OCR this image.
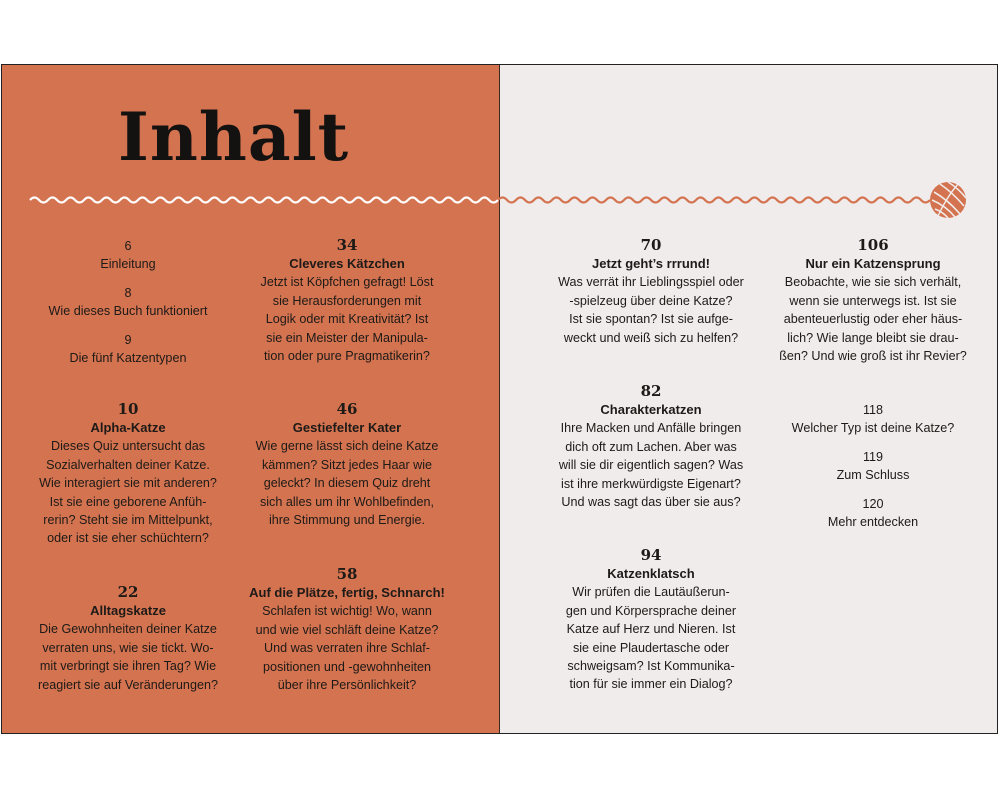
Inhalt
6
Einleitung
8
Wie dieses Buch funktioniert
9
Die fünf Katzentypen
10
Alpha-Katze
Dieses Quiz untersucht das
Sozialverhalten deiner Katze.
Wie interagiert sie mit anderen?
Ist sie eine geborene Anfüh-
rerin? Steht sie im Mittelpunkt,
oder ist sie eher schüchtern?
22
Alltagskatze
Die Gewohnheiten deiner Katze
verraten uns, wie sie tickt. Wo-
mit verbringt sie ihren Tag? Wie
reagiert sie auf Veränderungen?
34
Cleveres Kätzchen
Jetzt ist Köpfchen gefragt! Löst
sie Herausforderungen mit
Logik oder mit Kreativität? Ist
sie ein Meister der Manipula-
tion oder pure Pragmatikerin?
46
Gestiefelter Kater
Wie gerne lässt sich deine Katze
kämmen? Sitzt jedes Haar wie
geleckt? In diesem Quiz dreht
sich alles um ihr Wohlbefinden,
ihre Stimmung und Energie.
58
Auf die Plätze, fertig, Schnarch!
Schlafen ist wichtig! Wo, wann
und wie viel schläft deine Katze?
Und was verraten ihre Schlaf-
positionen und -gewohnheiten
über ihre Persönlichkeit?
70
Jetzt geht’s rrrund!
Was verrät ihr Lieblingsspiel oder
-spielzeug über deine Katze?
Ist sie spontan? Ist sie aufge-
weckt und weiß sich zu helfen?
82
Charakterkatzen
Ihre Macken und Anfälle bringen
dich oft zum Lachen. Aber was
will sie dir eigentlich sagen? Was
ist ihre merkwürdigste Eigenart?
Und was sagt das über sie aus?
94
Katzenklatsch
Wir prüfen die Lautäußerun-
gen und Körpersprache deiner
Katze auf Herz und Nieren. Ist
sie eine Plaudertasche oder
schweigsam? Ist Kommunika-
tion für sie immer ein Dialog?
106
Nur ein Katzensprung
Beobachte, wie sie sich verhält,
wenn sie unterwegs ist. Ist sie
abenteuerlustig oder eher häus-
lich? Wie lange bleibt sie drau-
ßen? Und wie groß ist ihr Revier?
118
Welcher Typ ist deine Katze?
119
Zum Schluss
120
Mehr entdecken
